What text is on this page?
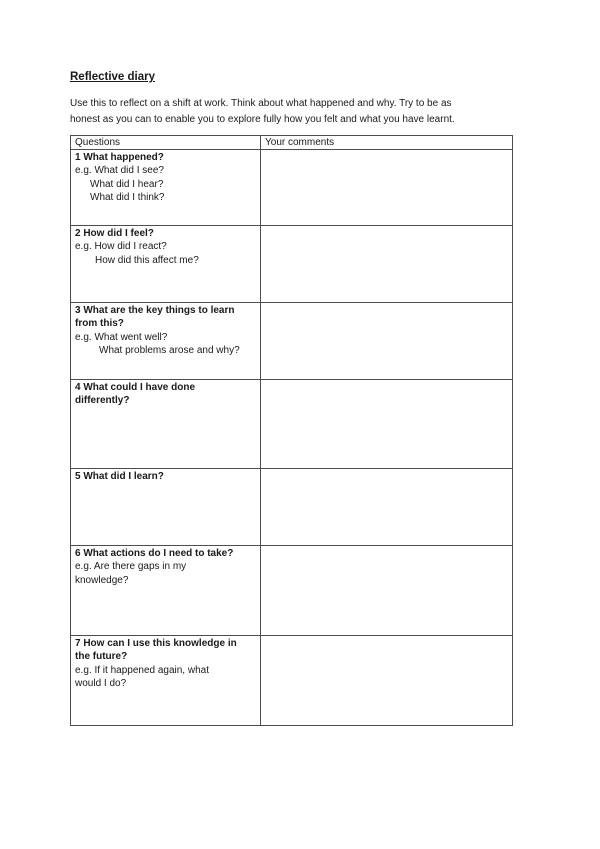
Reflective diary
Use this to reflect on a shift at work. Think about what happened and why. Try to be as
honest as you can to enable you to explore fully how you felt and what you have learnt.
Questions	Your comments

1 What happened?
e.g. What did I see?
What did I hear?
What did I think?	

2 How did I feel?
e.g. How did I react?
How did this affect me?	

3 What are the key things to learn
from this?
e.g. What went well?
What problems arose and why?	

4 What could I have done
differently?	

5 What did I learn?	

6 What actions do I need to take?
e.g. Are there gaps in my
knowledge?	

7 How can I use this knowledge in
the future?
e.g. If it happened again, what
would I do?	
